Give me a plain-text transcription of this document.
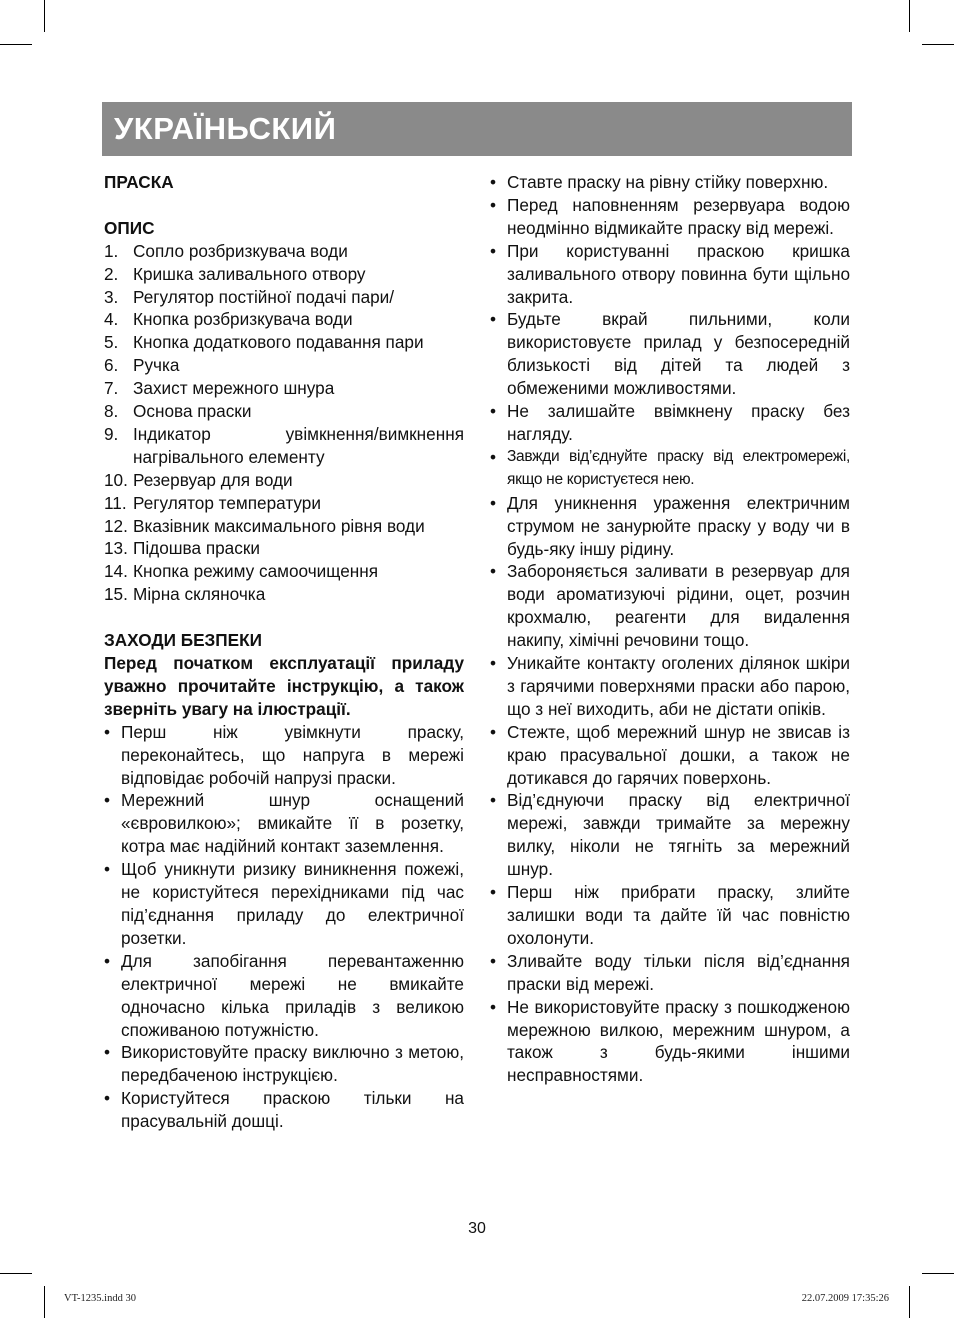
УКРАЇНЬСКИЙ
ПРАСКА
ОПИС
1. Сопло розбризкувача води
2. Кришка заливального отвору
3. Регулятор постійної подачі пари/
4. Кнопка розбризкувача води
5. Кнопка додаткового подавання пари
6. Ручка
7. Захист мережного шнура
8. Основа праски
9. Індикатор увімкнення/вимкнення нагрівального елементу
10. Резервуар для води
11. Регулятор температури
12. Вказівник максимального рівня води
13. Підошва праски
14. Кнопка режиму самоочищення
15. Мірна скляночка
ЗАХОДИ БЕЗПЕКИ
Перед початком експлуатації приладу уважно прочитайте інструкцію, а також зверніть увагу на ілюстрації.
• Перш ніж увімкнути праску, переконайтесь, що напруга в мережі відповідає робочій напрузі праски.
• Мережний шнур оснащений «євровилкою»; вмикайте її в розетку, котра має надійний контакт заземлення.
• Щоб уникнути ризику виникнення пожежі, не користуйтеся перехідниками під час під’єднання приладу до електричної розетки.
• Для запобігання перевантаженню електричної мережі не вмикайте одночасно кілька приладів з великою споживаною потужністю.
• Використовуйте праску виключно з метою, передбаченою інструкцією.
• Користуйтеся праскою тільки на прасувальній дошці.
• Ставте праску на рівну стійку поверхню.
• Перед наповненням резервуара водою неодмінно відмикайте праску від мережі.
• При користуванні праскою кришка заливального отвору повинна бути щільно закрита.
• Будьте вкрай пильними, коли використовуєте прилад у безпосередній близькості від дітей та людей з обмеженими можливостями.
• Не залишайте ввімкнену праску без нагляду.
• Завжди від’єднуйте праску від електромережі, якщо не користуєтеся нею.
• Для уникнення ураження електричним струмом не занурюйте праску у воду чи в будь-яку іншу рідину.
• Забороняється заливати в резервуар для води ароматизуючі рідини, оцет, розчин крохмалю, реагенти для видалення накипу, хімічні речовини тощо.
• Уникайте контакту оголених ділянок шкіри з гарячими поверхнями праски або парою, що з неї виходить, аби не дістати опіків.
• Стежте, щоб мережний шнур не звисав із краю прасувальної дошки, а також не дотикався до гарячих поверхонь.
• Від’єднуючи праску від електричної мережі, завжди тримайте за мережну вилку, ніколи не тягніть за мережний шнур.
• Перш ніж прибрати праску, злийте залишки води та дайте їй час повністю охолонути.
• Зливайте воду тільки після від’єднання праски від мережі.
• Не використовуйте праску з пошкодженою мережною вилкою, мережним шнуром, а також з будь-якими іншими несправностями.
30
VT-1235.indd 30	22.07.2009 17:35:26
